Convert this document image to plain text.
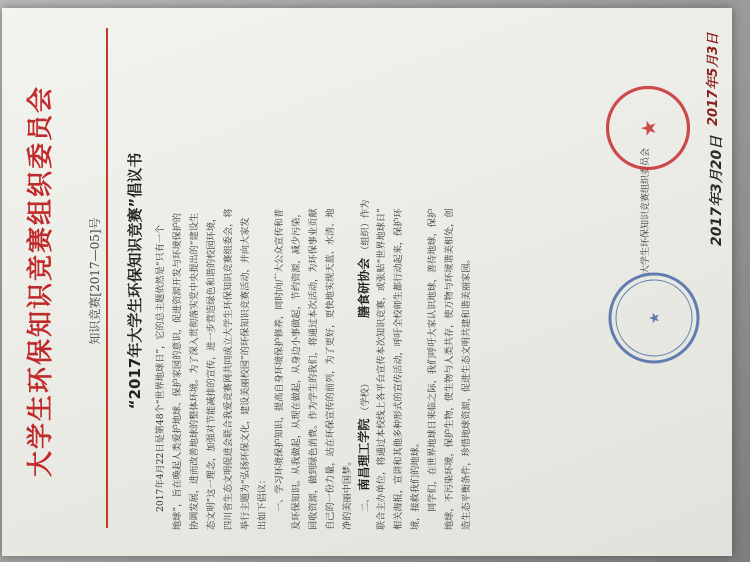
大学生环保知识竞赛组织委员会	知识竞赛[2017—05]号 “2017年大学生环保知识竞赛”倡议书	2017年4月22日是第48个“世界地球日”，它的总主题依然是“只有一个 地球”，旨在唤起人类爱护地球、保护家园的意识，促进资源开发与环境保护的 协调发展，进而改善地球的整体环境。为了深入贯彻落实党中央提出的“建设生 态文明”这一理念，加强对节能减排的宣传，进一步营造绿色和谐的校园环境， 四川省生态文明促进会联合我爱竞赛网共同成立大学生环保知识竞赛组委会，将 举行主题为“弘扬环保文化，建设美丽校园”的环保知识竞赛活动，并向大家发 出如下倡议： 一、学习环境保护知识，提高自身环境保护修养，同时向广大公众宣传和普 及环保知识。从我做起，从现在做起，从身边小事做起，节约资源，减少污染， 回收资源，做到绿色消费。作为学生的我们，将通过本次活动，为环保事业贡献 自己的一份力量，站在环保宣传的前列，为了更好，更快地实现天蓝、水清、地 净的美丽中国梦。 二、南昌理工学院（学校）膳食研协会（组织）作为 联合主办单位，将通过本校线上各平台宣传本次知识竞赛，或张贴“世界地球日” 相关海报，宣讲和其他多种形式的宣传活动，呼吁全校师生都行动起来，保护环 境，接救我们的地球。 同学们，在世界地球日来临之际，我们呼吁大家认识地球，善待地球，保护 地球，不污染环境，保护生物，使生物与人类共存，使万物与环境谐美相处，创 造生态平衡条件，珍惜地球资源，促进生态文明共建和谐美丽家园。	★
大学生环保知识竞赛组织委员会	2017年3月20日
★
2017年5月3日
